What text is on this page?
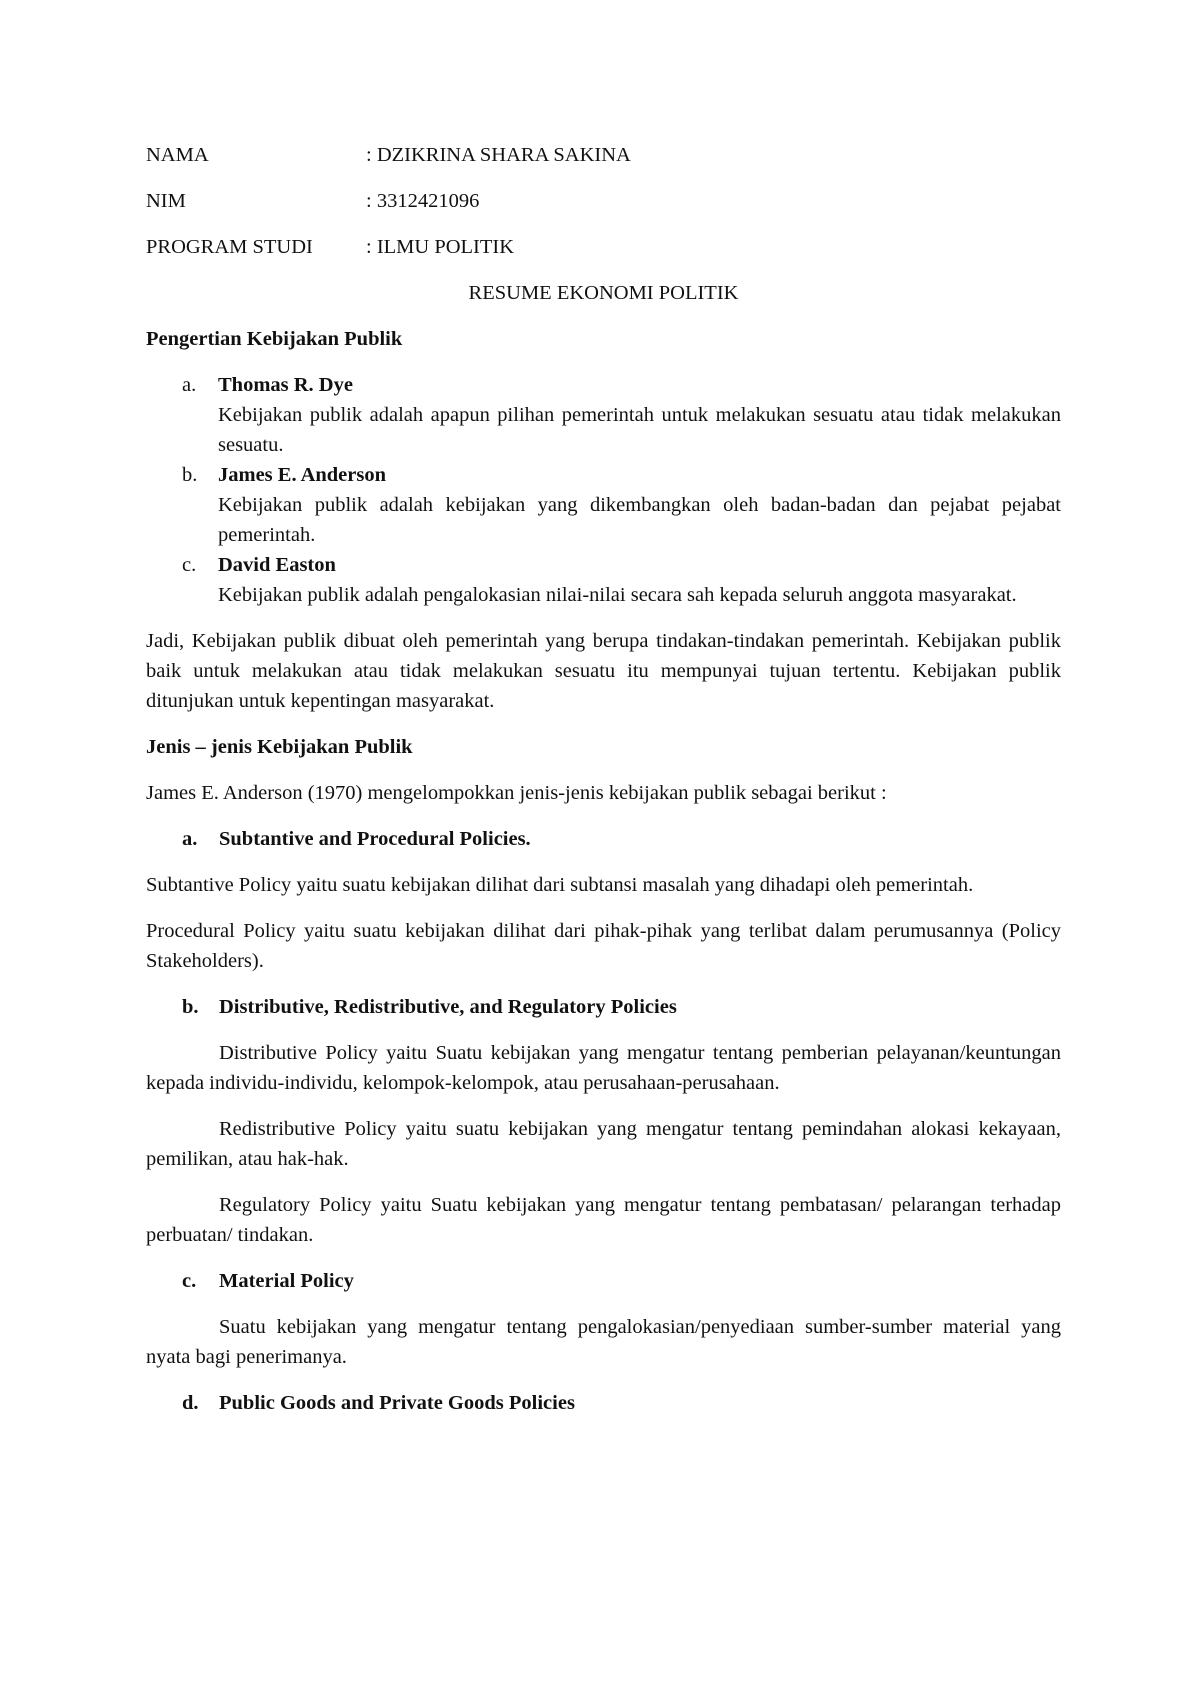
NAMA	: DZIKRINA SHARA SAKINA
NIM	: 3312421096
PROGRAM STUDI	: ILMU POLITIK
RESUME EKONOMI POLITIK
Pengertian Kebijakan Publik
a.	Thomas R. Dye
Kebijakan publik adalah apapun pilihan pemerintah untuk melakukan sesuatu atau tidak melakukan sesuatu.
b.	James E. Anderson
Kebijakan publik adalah kebijakan yang dikembangkan oleh badan-badan dan pejabat pejabat pemerintah.
c.	David Easton
Kebijakan publik adalah pengalokasian nilai-nilai secara sah kepada seluruh anggota masyarakat.

Jadi, Kebijakan publik dibuat oleh pemerintah yang berupa tindakan-tindakan pemerintah. Kebijakan publik baik untuk melakukan atau tidak melakukan sesuatu itu mempunyai tujuan tertentu. Kebijakan publik ditunjukan untuk kepentingan masyarakat.

Jenis – jenis Kebijakan Publik

James E. Anderson (1970) mengelompokkan jenis-jenis kebijakan publik sebagai berikut :

a.	Subtantive and Procedural Policies.

Subtantive Policy yaitu suatu kebijakan dilihat dari subtansi masalah yang dihadapi oleh pemerintah.

Procedural Policy yaitu suatu kebijakan dilihat dari pihak-pihak yang terlibat dalam perumusannya (Policy Stakeholders).

b. Distributive, Redistributive, and Regulatory Policies

Distributive Policy yaitu Suatu kebijakan yang mengatur tentang pemberian pelayanan/keuntungan kepada individu-individu, kelompok-kelompok, atau perusahaan-perusahaan.

Redistributive Policy yaitu suatu kebijakan yang mengatur tentang pemindahan alokasi kekayaan, pemilikan, atau hak-hak.

Regulatory Policy yaitu Suatu kebijakan yang mengatur tentang pembatasan/ pelarangan terhadap perbuatan/ tindakan.

c.	Material Policy

Suatu kebijakan yang mengatur tentang pengalokasian/penyediaan sumber-sumber material yang nyata bagi penerimanya.

d. Public Goods and Private Goods Policies
